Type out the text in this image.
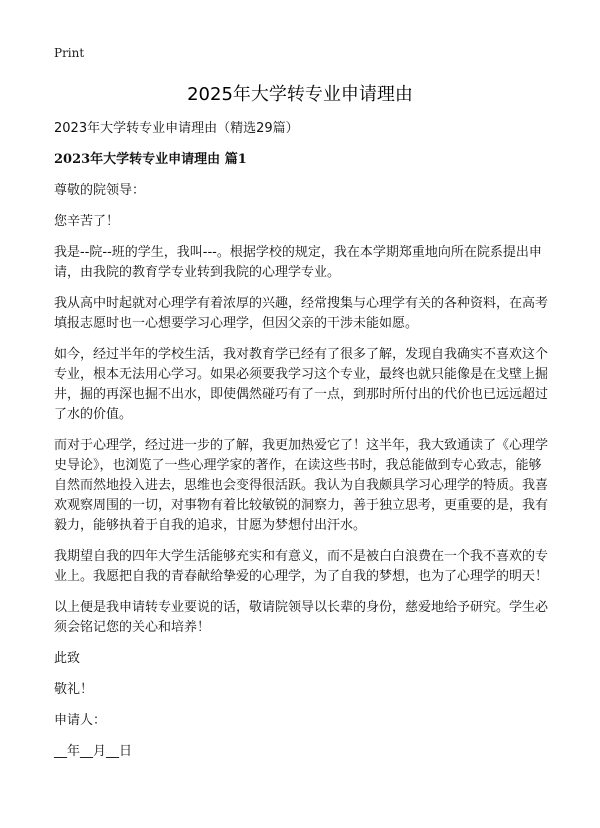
Print
2025年大学转专业申请理由

2023年大学转专业申请理由（精选29篇）

2023年大学转专业申请理由 篇1

尊敬的院领导：

您辛苦了！

我是--院--班的学生，我叫---。根据学校的规定，我在本学期郑重地向所在院系提出申请，由我院的教育学专业转到我院的心理学专业。

我从高中时起就对心理学有着浓厚的兴趣，经常搜集与心理学有关的各种资料，在高考填报志愿时也一心想要学习心理学，但因父亲的干涉未能如愿。

如今，经过半年的学校生活，我对教育学已经有了很多了解，发现自我确实不喜欢这个专业，根本无法用心学习。如果必须要我学习这个专业，最终也就只能像是在戈壁上掘井，掘的再深也掘不出水，即使偶然碰巧有了一点，到那时所付出的代价也已远远超过了水的价值。

而对于心理学，经过进一步的了解，我更加热爱它了！这半年，我大致通读了《心理学史导论》，也浏览了一些心理学家的著作，在读这些书时，我总能做到专心致志，能够自然而然地投入进去，思维也会变得很活跃。我认为自我颇具学习心理学的特质。我喜欢观察周围的一切，对事物有着比较敏锐的洞察力，善于独立思考，更重要的是，我有毅力，能够执着于自我的追求，甘愿为梦想付出汗水。

我期望自我的四年大学生活能够充实和有意义，而不是被白白浪费在一个我不喜欢的专业上。我愿把自我的青春献给挚爱的心理学，为了自我的梦想，也为了心理学的明天！

以上便是我申请转专业要说的话，敬请院领导以长辈的身份，慈爱地给予研究。学生必须会铭记您的关心和培养！

此致

敬礼！

申请人：

__年__月__日
